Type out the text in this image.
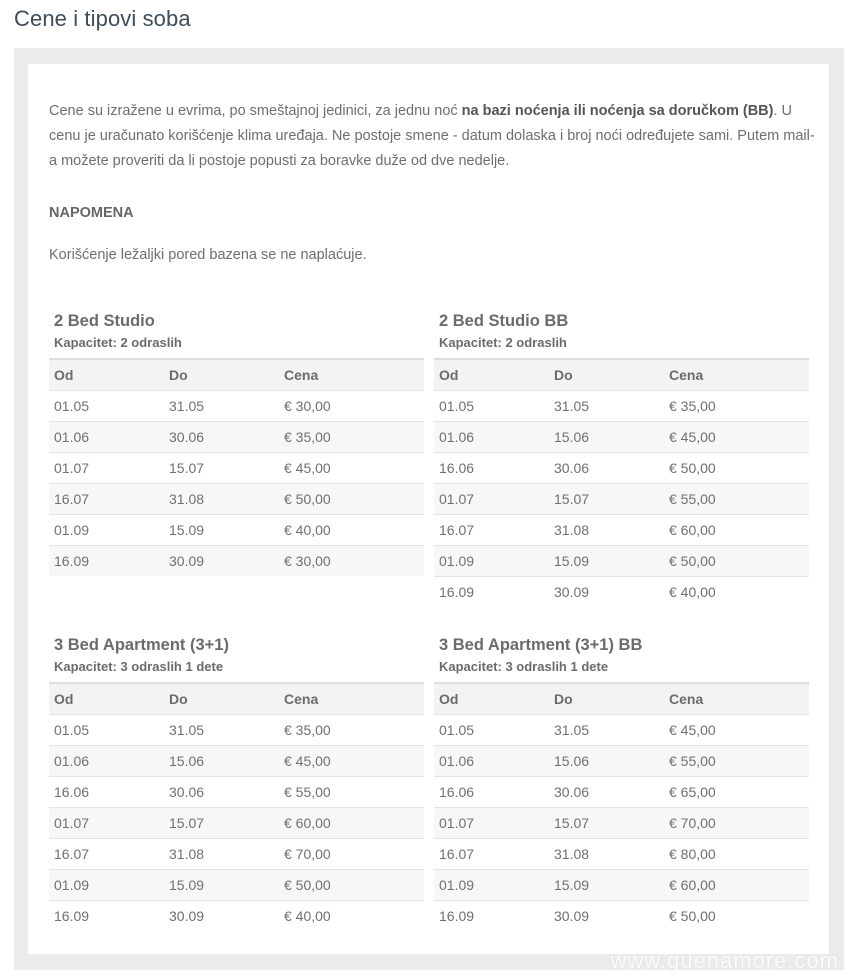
Cene i tipovi soba

Cene su izražene u evrima, po smeštajnoj jedinici, za jednu noć na bazi noćenja ili noćenja sa doručkom (BB). U cenu je uračunato korišćenje klima uređaja. Ne postoje smene - datum dolaska i broj noći određujete sami. Putem mail-a možete proveriti da li postoje popusti za boravke duže od dve nedelje.

NAPOMENA
Korišćenje ležaljki pored bazena se ne naplaćuje.
2 Bed Studio
Kapacitet: 2 odraslih
Od	Do	Cena
01.05	31.05	€ 30,00
01.06	30.06	€ 35,00
01.07	15.07	€ 45,00
16.07	31.08	€ 50,00
01.09	15.09	€ 40,00
16.09	30.09	€ 30,00
2 Bed Studio BB
Kapacitet: 2 odraslih
Od	Do	Cena
01.05	31.05	€ 35,00
01.06	15.06	€ 45,00
16.06	30.06	€ 50,00
01.07	15.07	€ 55,00
16.07	31.08	€ 60,00
01.09	15.09	€ 50,00
16.09	30.09	€ 40,00
3 Bed Apartment (3+1)
Kapacitet: 3 odraslih 1 dete
Od	Do	Cena
01.05	31.05	€ 35,00
01.06	15.06	€ 45,00
16.06	30.06	€ 55,00
01.07	15.07	€ 60,00
16.07	31.08	€ 70,00
01.09	15.09	€ 50,00
16.09	30.09	€ 40,00
3 Bed Apartment (3+1) BB
Kapacitet: 3 odraslih 1 dete
Od	Do	Cena
01.05	31.05	€ 45,00
01.06	15.06	€ 55,00
16.06	30.06	€ 65,00
01.07	15.07	€ 70,00
16.07	31.08	€ 80,00
01.09	15.09	€ 60,00
16.09	30.09	€ 50,00
www.guenamore.com
